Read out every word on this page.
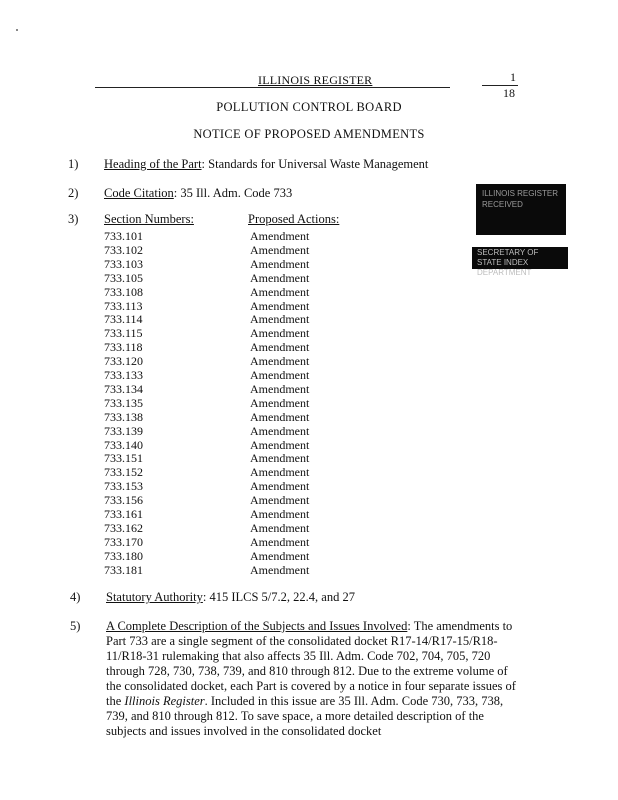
ILLINOIS REGISTER	1
18
POLLUTION CONTROL BOARD
NOTICE OF PROPOSED AMENDMENTS
1) Heading of the Part: Standards for Universal Waste Management
2) Code Citation: 35 Ill. Adm. Code 733
3) Section Numbers:	Proposed Actions:
733.101	Amendment
733.102	Amendment
733.103	Amendment
733.105	Amendment
733.108	Amendment
733.113	Amendment
733.114	Amendment
733.115	Amendment
733.118	Amendment
733.120	Amendment
733.133	Amendment
733.134	Amendment
733.135	Amendment
733.138	Amendment
733.139	Amendment
733.140	Amendment
733.151	Amendment
733.152	Amendment
733.153	Amendment
733.156	Amendment
733.161	Amendment
733.162	Amendment
733.170	Amendment
733.180	Amendment
733.181	Amendment
4) Statutory Authority: 415 ILCS 5/7.2, 22.4, and 27
5) A Complete Description of the Subjects and Issues Involved: The amendments to Part 733 are a single segment of the consolidated docket R17-14/R17-15/R18-11/R18-31 rulemaking that also affects 35 Ill. Adm. Code 702, 704, 705, 720 through 728, 730, 738, 739, and 810 through 812. Due to the extreme volume of the consolidated docket, each Part is covered by a notice in four separate issues of the Illinois Register. Included in this issue are 35 Ill. Adm. Code 730, 733, 738, 739, and 810 through 812. To save space, a more detailed description of the subjects and issues involved in the consolidated docket
ILLINOIS REGISTER RECEIVED
SECRETARY OF STATE INDEX DEPARTMENT
